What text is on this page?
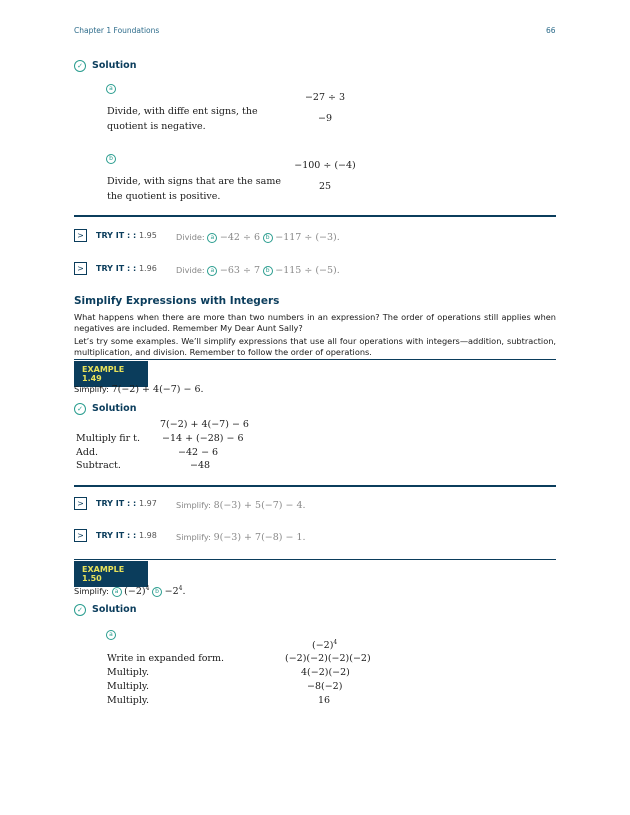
Chapter 1 Foundations	66
✓ Solution
a
Divide, with diffe ent signs, the quotient is negative.
−27 ÷ 3
−9
b
Divide, with signs that are the same the quotient is positive.
−100 ÷ (−4)
25
>	TRY IT : : 1.95 Divide: a −42 ÷ 6 b −117 ÷ (−3).
>	TRY IT : : 1.96 Divide: a −63 ÷ 7 b −115 ÷ (−5).
Simplify Expressions with Integers
What happens when there are more than two numbers in an expression? The order of operations still applies when negatives are included. Remember My Dear Aunt Sally?
Let’s try some examples. We’ll simplify expressions that use all four operations with integers—addition, subtraction, multiplication, and division. Remember to follow the order of operations.
EXAMPLE 1.49
Simplify: 7(−2) + 4(−7) − 6.
✓ Solution
7(−2) + 4(−7) − 6
Multiply fir t. −14 + (−28) − 6
Add.	−42 − 6
Subtract.	−48
>	TRY IT : : 1.97 Simplify: 8(−3) + 5(−7) − 4.
>	TRY IT : : 1.98 Simplify: 9(−3) + 7(−8) − 1.
EXAMPLE 1.50
Simplify: a $(-2)^4$ $b -2^4$.
✓ Solution
a
$(-2)^4$
Write in expanded form.	(−2)(−2)(−2)(−2)
Multiply.	4(−2)(−2)
Multiply.	−8(−2)
Multiply.	16
